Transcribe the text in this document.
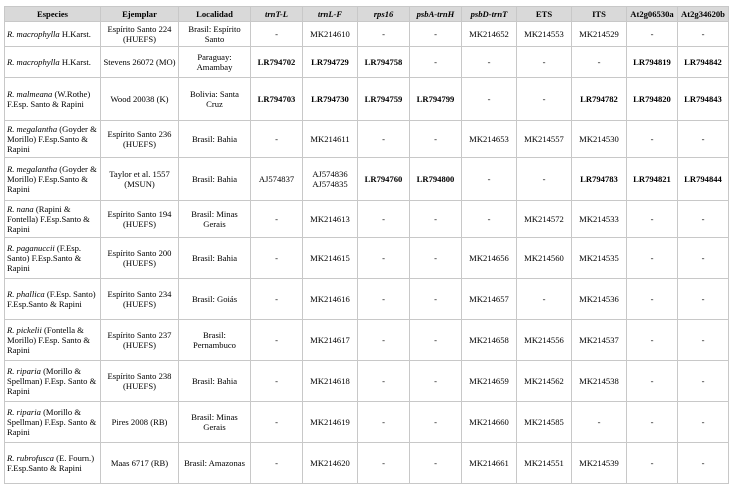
Especies	Ejemplar	Localidad	trnT-L	trnL-F	rps16	psbA-trnH	psbD-trnT	ETS	ITS	At2g06530a	At2g34620b
R. macrophylla H.Karst.	Espírito Santo 224 (HUEFS)	Brasil: Espírito Santo	-	MK214610	-	-	MK214652	MK214553	MK214529	-	-
R. macrophylla H.Karst.	Stevens 26072 (MO)	Paraguay: Amambay	LR794702	LR794729	LR794758	-	-	-	-	LR794819	LR794842
R. malmeana (W.Rothe) F.Esp. Santo & Rapini	Wood 20038 (K)	Bolivia: Santa Cruz	LR794703	LR794730	LR794759	LR794799	-	-	LR794782	LR794820	LR794843
R. megalantha (Goyder & Morillo) F.Esp.Santo & Rapini	Espírito Santo 236 (HUEFS)	Brasil: Bahia	-	MK214611	-	-	MK214653	MK214557	MK214530	-	-
R. megalantha (Goyder & Morillo) F.Esp.Santo & Rapini	Taylor et al. 1557 (MSUN)	Brasil: Bahia	AJ574837	AJ574836 AJ574835	LR794760	LR794800	-	-	LR794783	LR794821	LR794844
R. nana (Rapini & Fontella) F.Esp.Santo & Rapini	Espírito Santo 194 (HUEFS)	Brasil: Minas Gerais	-	MK214613	-	-	-	MK214572	MK214533	-	-
R. paganuccii (F.Esp. Santo) F.Esp.Santo & Rapini	Espírito Santo 200 (HUEFS)	Brasil: Bahia	-	MK214615	-	-	MK214656	MK214560	MK214535	-	-
R. phallica (F.Esp. Santo) F.Esp.Santo & Rapini	Espírito Santo 234 (HUEFS)	Brasil: Goiás	-	MK214616	-	-	MK214657	-	MK214536	-	-
R. pickelii (Fontella & Morillo) F.Esp. Santo & Rapini	Espírito Santo 237 (HUEFS)	Brasil: Pernambuco	-	MK214617	-	-	MK214658	MK214556	MK214537	-	-
R. riparia (Morillo & Spellman) F.Esp. Santo & Rapini	Espírito Santo 238 (HUEFS)	Brasil: Bahia	-	MK214618	-	-	MK214659	MK214562	MK214538	-	-
R. riparia (Morillo & Spellman) F.Esp. Santo & Rapini	Pires 2008 (RB)	Brasil: Minas Gerais	-	MK214619	-	-	MK214660	MK214585	-	-	-
R. rubrofusca (E. Fourn.) F.Esp.Santo & Rapini	Maas 6717 (RB)	Brasil: Amazonas	-	MK214620	-	-	MK214661	MK214551	MK214539	-	-
